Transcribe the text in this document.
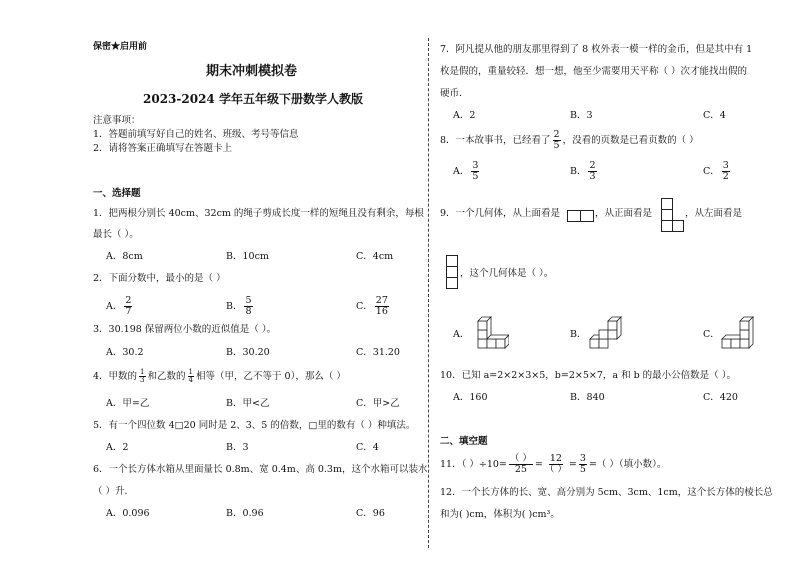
保密★启用前
期末冲刺模拟卷
2023-2024 学年五年级下册数学人教版
注意事项：
1．答题前填写好自己的姓名、班级、考号等信息
2．请将答案正确填写在答题卡上
一、选择题
1．把两根分别长 40cm、32cm 的绳子剪成长度一样的短绳且没有剩余，每根
最长（ ）。
A．8cm	B．10cm	C．4cm
2．下面分数中，最小的是（ ）
A． $\frac{2}{7}$	B． $\frac{5}{8}$	C． $\frac{27}{16}$
3．30.198 保留两位小数的近似值是（ ）。
A．30.2	B．30.20	C．31.20
4．甲数的 $\frac{1}{3}$ 和乙数的 $\frac{1}{4}$ 相等（甲，乙不等于 0），那么（ ）
A．甲=乙	B．甲<乙	C．甲>乙
5．有一个四位数 4□20 同时是 2、3、5 的倍数，□里的数有（ ）种填法。
A．2	B．3	C．4
6．一个长方体水箱从里面量长 0.8m、宽 0.4m、高 0.3m，这个水箱可以装水
（ ）升.
A．0.096	B．0.96	C．96
7．阿凡提从他的朋友那里得到了 8 枚外表一模一样的金币，但是其中有 1
枚是假的，重量较轻．想一想，他至少需要用天平称（ ）次才能找出假的
硬币．
A．2	B．3	C．4
8．一本故事书，已经看了 $\frac{2}{5}$ ，没看的页数是已看页数的（ ）
A． $\frac{3}{5}$	B． $\frac{2}{3}$	C． $\frac{3}{2}$
9．一个几何体，从上面看是	，从正面看是	，从左面看是
，这个几何体是（ ）。
A．	B．	C．
10．已知 a=2×2×3×5，b=2×5×7，a 和 b 的最小公倍数是（ ）。
A．160	B．840	C．420
二、填空题
11．（ ）$\div 10= \frac{( )}{25} = \frac{12}{( )} = \frac{3}{5}$ =（ ）（填小数）。
12．一个长方体的长、宽、高分别为 5cm、3cm、1cm，这个长方体的棱长总
和为( )cm，体积为( )cm³。
